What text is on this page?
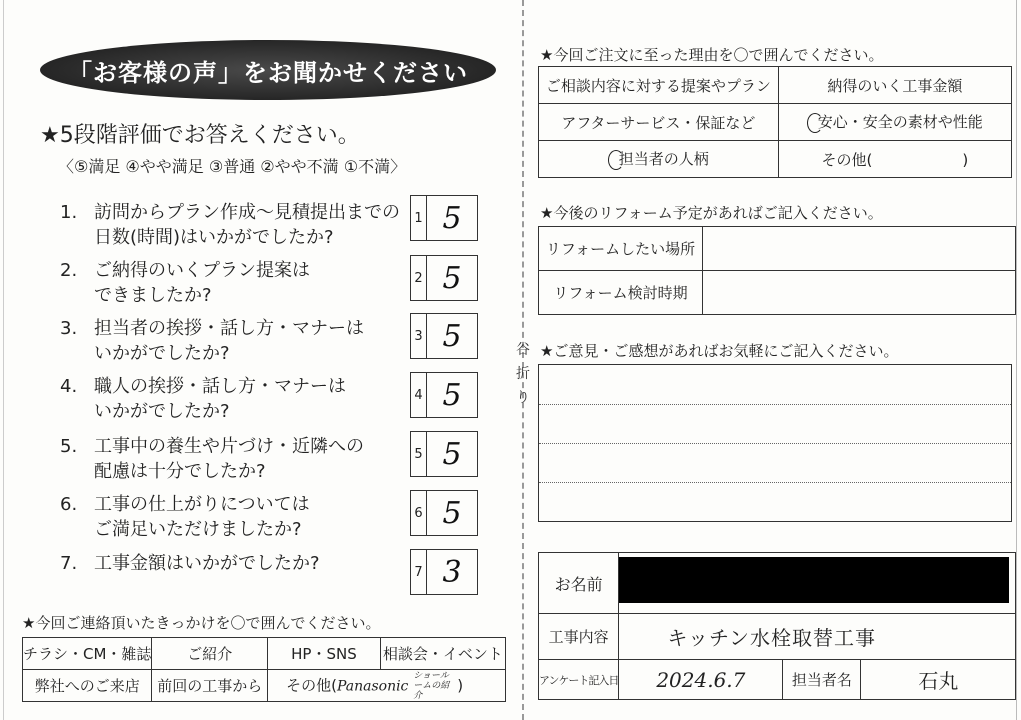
谷
折
り
「お客様の声」をお聞かせください
★5段階評価でお答えください。
〈⑤満足 ④やや満足 ③普通 ②やや不満 ①不満〉
1. 訪問からプラン作成〜見積提出までの
日数(時間)はいかがでしたか?
1 5
2. ご納得のいくプラン提案は
できましたか?
2 5
3. 担当者の挨拶・話し方・マナーは
いかがでしたか?
3 5
4. 職人の挨拶・話し方・マナーは
いかがでしたか?
4 5
5. 工事中の養生や片づけ・近隣への
配慮は十分でしたか?
5 5
6. 工事の仕上がりについては
ご満足いただけましたか?
6 5
7. 工事金額はいかがでしたか?	7 3
★今回ご連絡頂いたきっかけを〇で囲んでください。
チラシ・CM・雑誌	ご紹介	HP・SNS	相談会・イベント
弊社へのご来店	前回の工事から	その他(Panasonic ショールームの紹介)	
★今回ご注文に至った理由を〇で囲んでください。
ご相談内容に対する提案やプラン	納得のいく工事金額
アフターサービス・保証など	安心・安全の素材や性能
担当者の人柄	その他(　　　　　　)
★今後のリフォーム予定があればご記入ください。
リフォームしたい場所	
リフォーム検討時期	
★ご意見・ご感想があればお気軽にご記入ください。
お名前			

工事内容	キッチン水栓取替工事		
アンケート記入日	2024.6.7	担当者名	石丸
